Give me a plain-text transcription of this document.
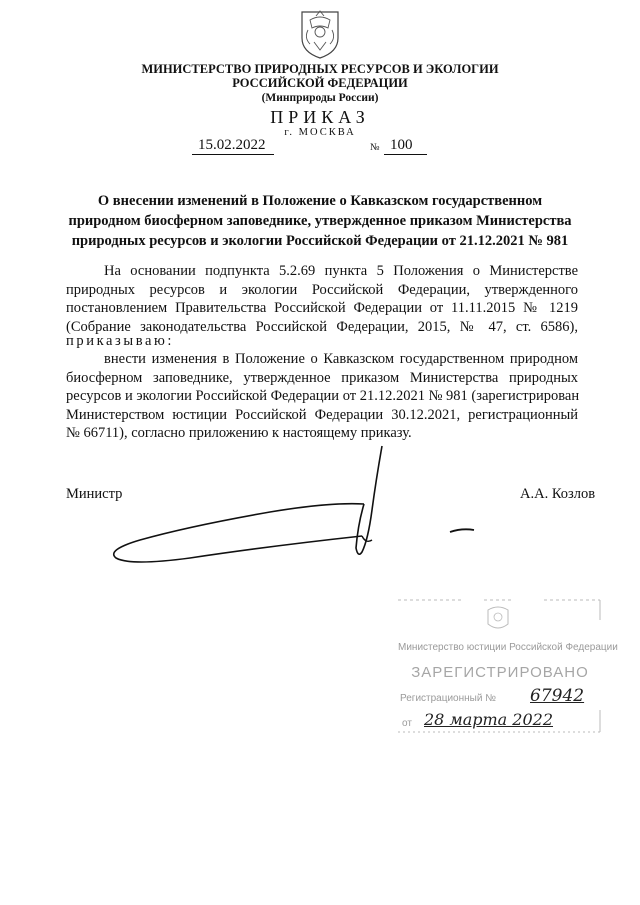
МИНИСТЕРСТВО ПРИРОДНЫХ РЕСУРСОВ И ЭКОЛОГИИ
РОССИЙСКОЙ ФЕДЕРАЦИИ
(Минприроды России)
ПРИКАЗ
г. МОСКВА
15.02.2022	№ 100
О внесении изменений в Положение о Кавказском государственном
природном биосферном заповеднике, утвержденное приказом Министерства
природных ресурсов и экологии Российской Федерации от 21.12.2021 № 981
На основании подпункта 5.2.69 пункта 5 Положения о Министерстве
природных ресурсов и экологии Российской Федерации, утвержденного
постановлением Правительства Российской Федерации от 11.11.2015 № 1219
(Собрание законодательства Российской Федерации, 2015, № 47, ст. 6586),
приказываю:
внести изменения в Положение о Кавказском государственном природном
биосферном заповеднике, утвержденное приказом Министерства природных
ресурсов и экологии Российской Федерации от 21.12.2021 № 981 (зарегистрирован
Министерством юстиции Российской Федерации 30.12.2021, регистрационный
№ 66711), согласно приложению к настоящему приказу.
Министр	А.А. Козлов
Министерство юстиции Российской Федерации
ЗАРЕГИСТРИРОВАНО
Регистрационный № 67942
от 28 марта 2022
